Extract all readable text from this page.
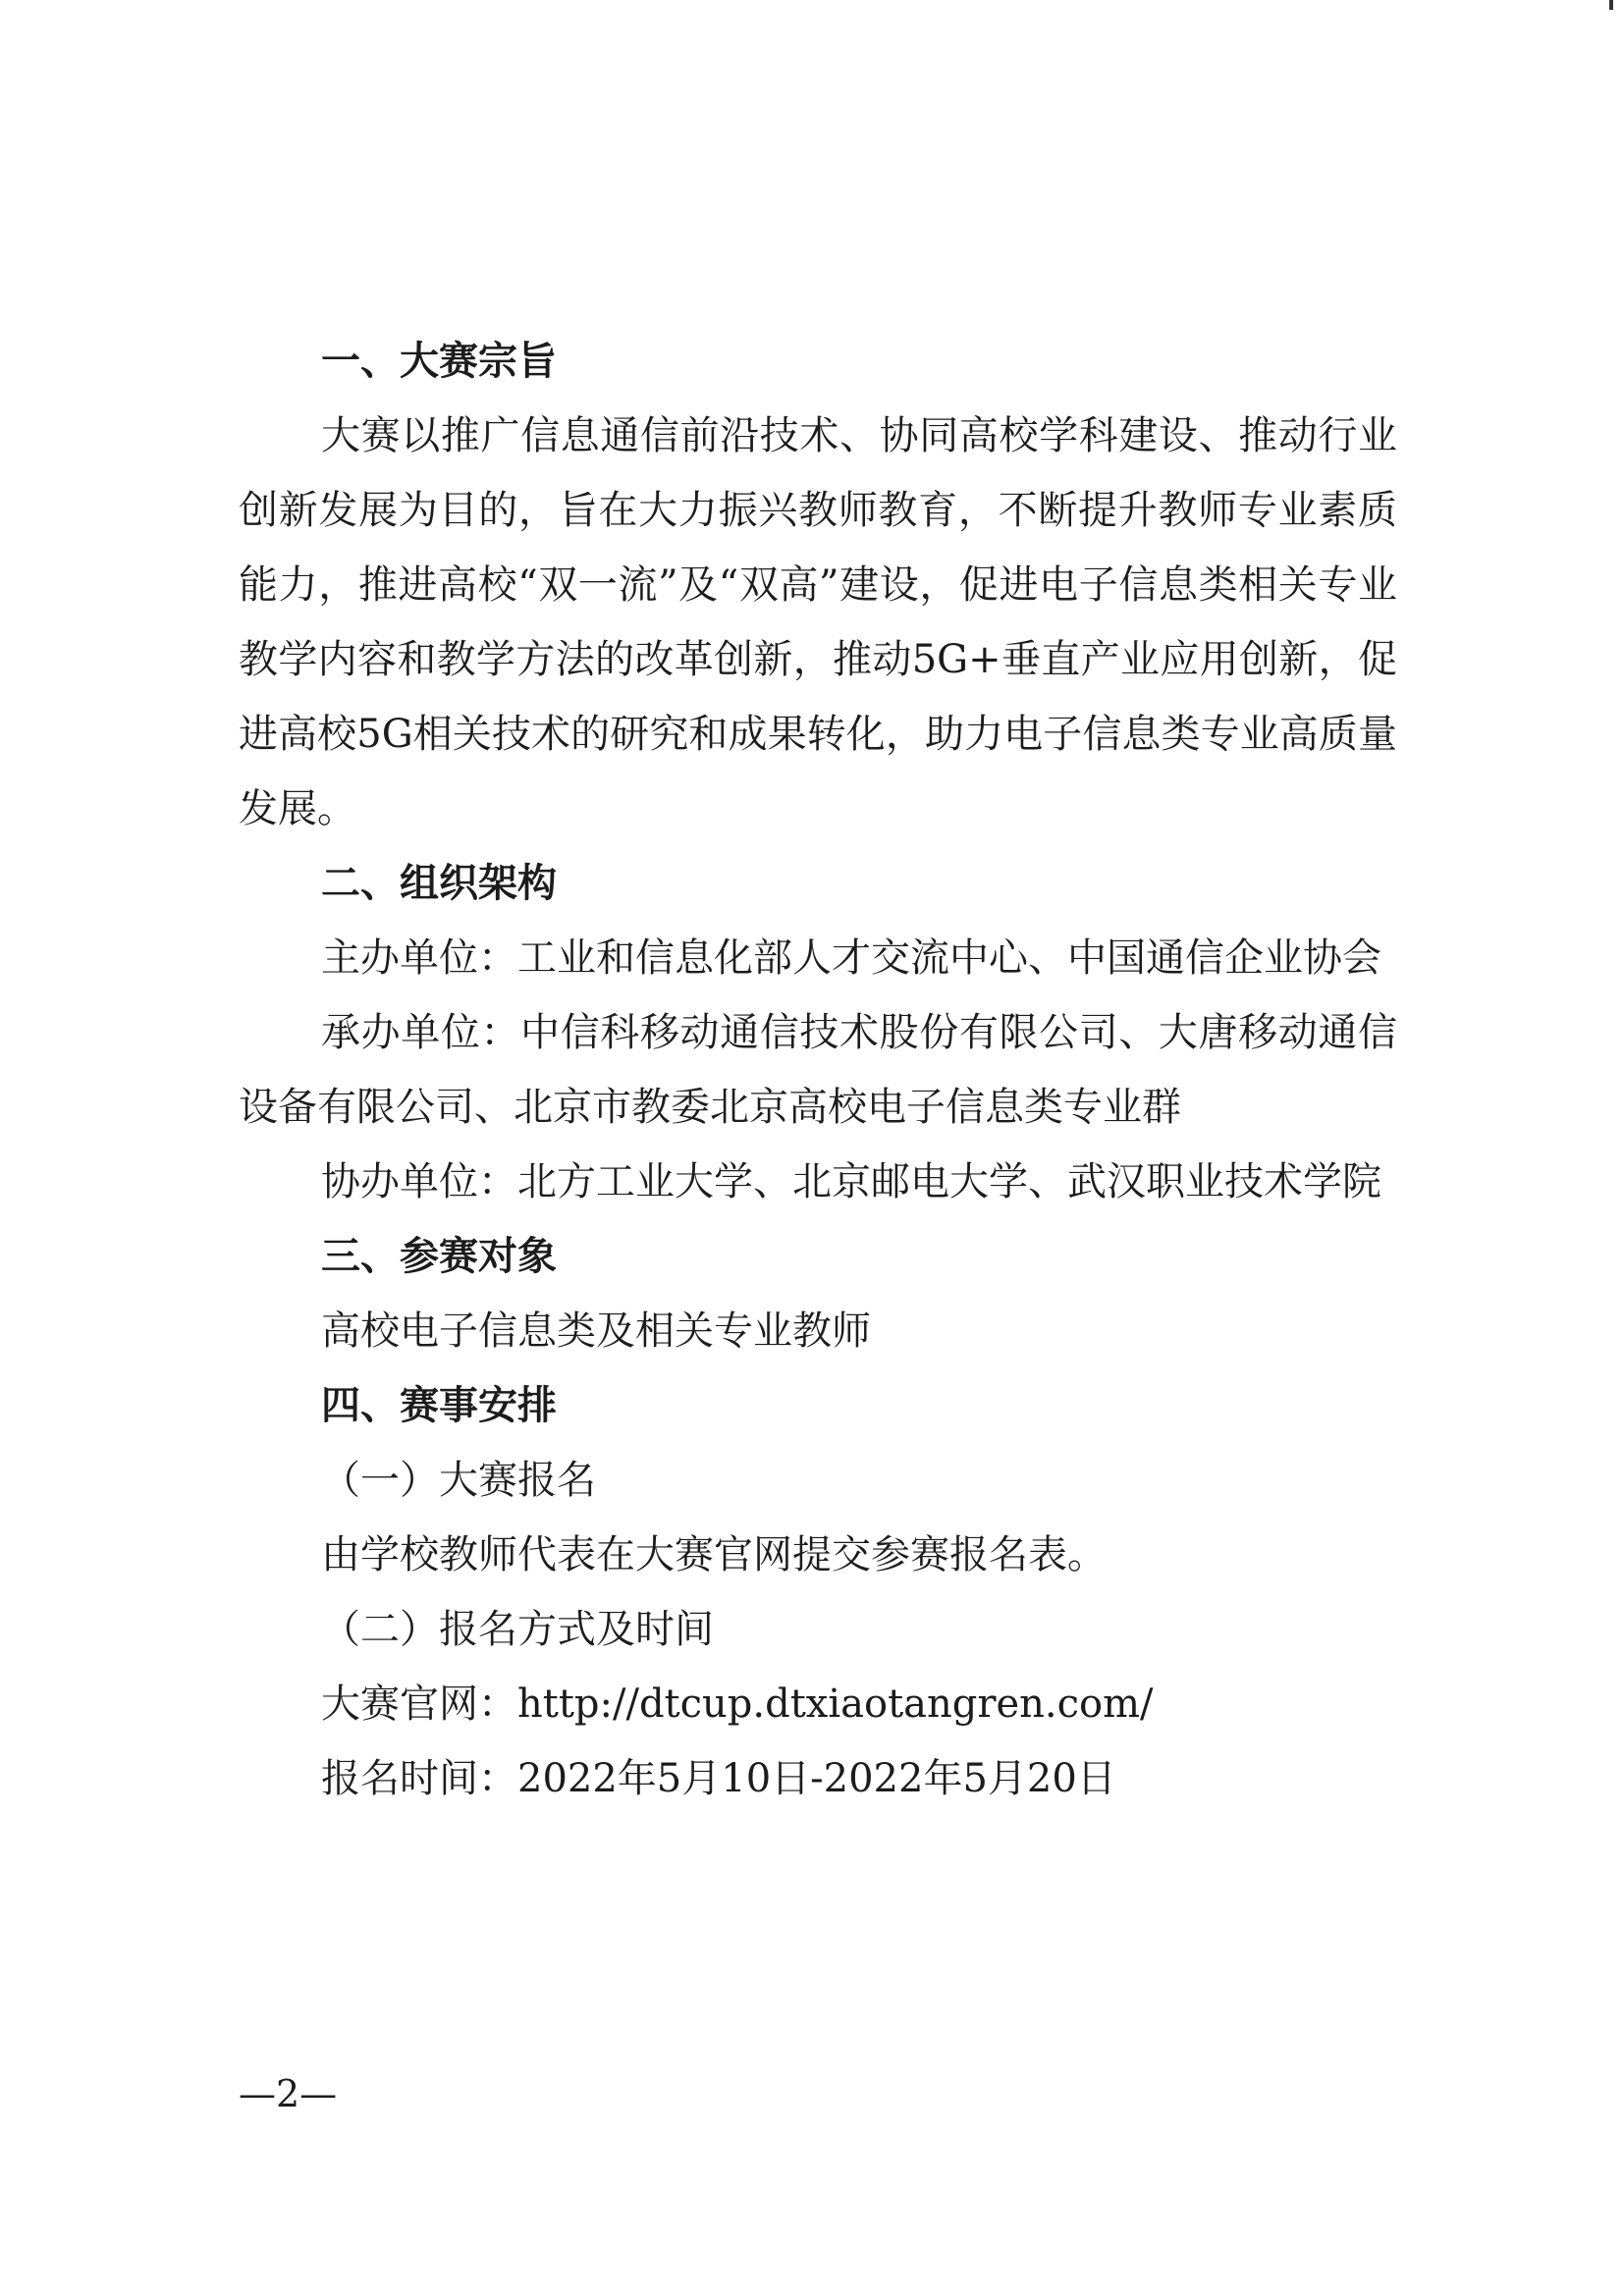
一、大赛宗旨

大赛以推广信息通信前沿技术、协同高校学科建设、推动行业创新发展为目的，旨在大力振兴教师教育，不断提升教师专业素质能力，推进高校“双一流”及“双高”建设，促进电子信息类相关专业教学内容和教学方法的改革创新，推动5G+垂直产业应用创新，促进高校5G相关技术的研究和成果转化，助力电子信息类专业高质量发展。

二、组织架构

主办单位：工业和信息化部人才交流中心、中国通信企业协会

承办单位：中信科移动通信技术股份有限公司、大唐移动通信设备有限公司、北京市教委北京高校电子信息类专业群

协办单位：北方工业大学、北京邮电大学、武汉职业技术学院

三、参赛对象

高校电子信息类及相关专业教师

四、赛事安排

（一）大赛报名

由学校教师代表在大赛官网提交参赛报名表。

（二）报名方式及时间

大赛官网：http://dtcup.dtxiaotangren.com/

报名时间：2022年5月10日-2022年5月20日

—2—
